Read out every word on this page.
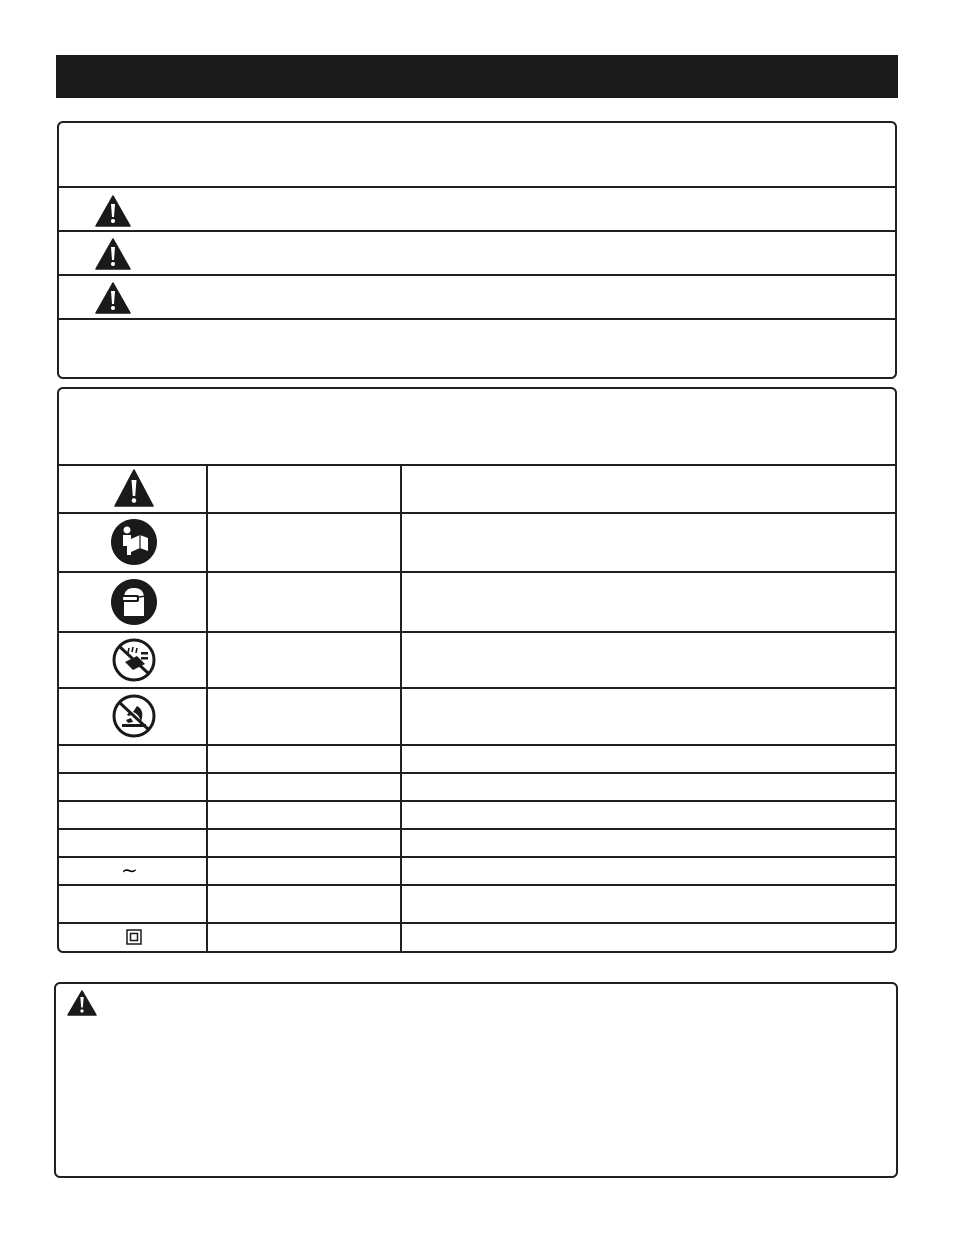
∼
